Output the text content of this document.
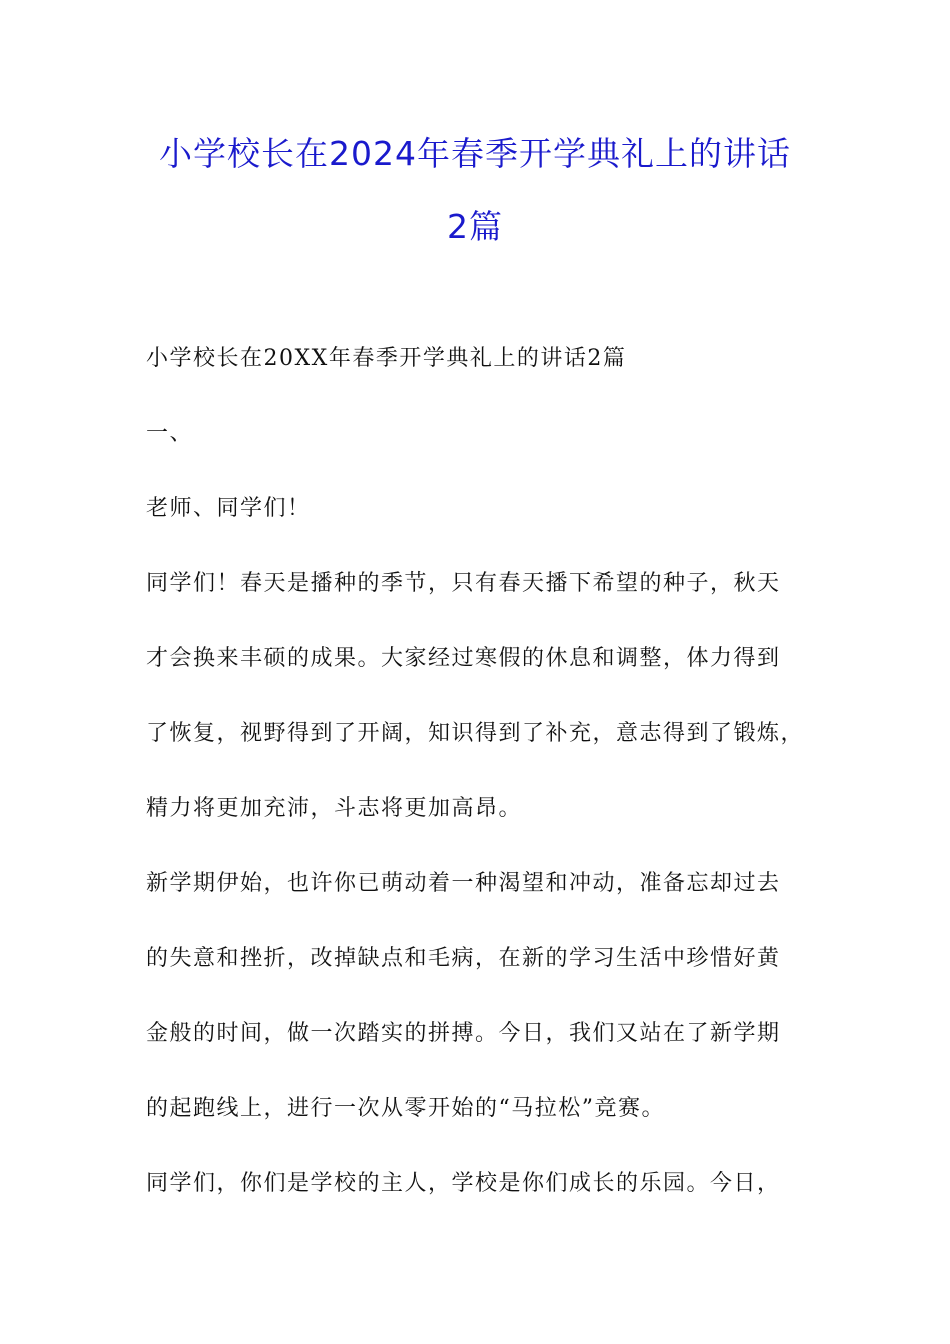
小学校长在2024年春季开学典礼上的讲话
2篇
小学校长在20XX年春季开学典礼上的讲话2篇
一、
老师、同学们！
同学们！春天是播种的季节，只有春天播下希望的种子，秋天
才会换来丰硕的成果。大家经过寒假的休息和调整，体力得到
了恢复，视野得到了开阔，知识得到了补充，意志得到了锻炼，
精力将更加充沛，斗志将更加高昂。
新学期伊始，也许你已萌动着一种渴望和冲动，准备忘却过去
的失意和挫折，改掉缺点和毛病，在新的学习生活中珍惜好黄
金般的时间，做一次踏实的拼搏。今日，我们又站在了新学期
的起跑线上，进行一次从零开始的“马拉松”竞赛。
同学们，你们是学校的主人，学校是你们成长的乐园。今日，
